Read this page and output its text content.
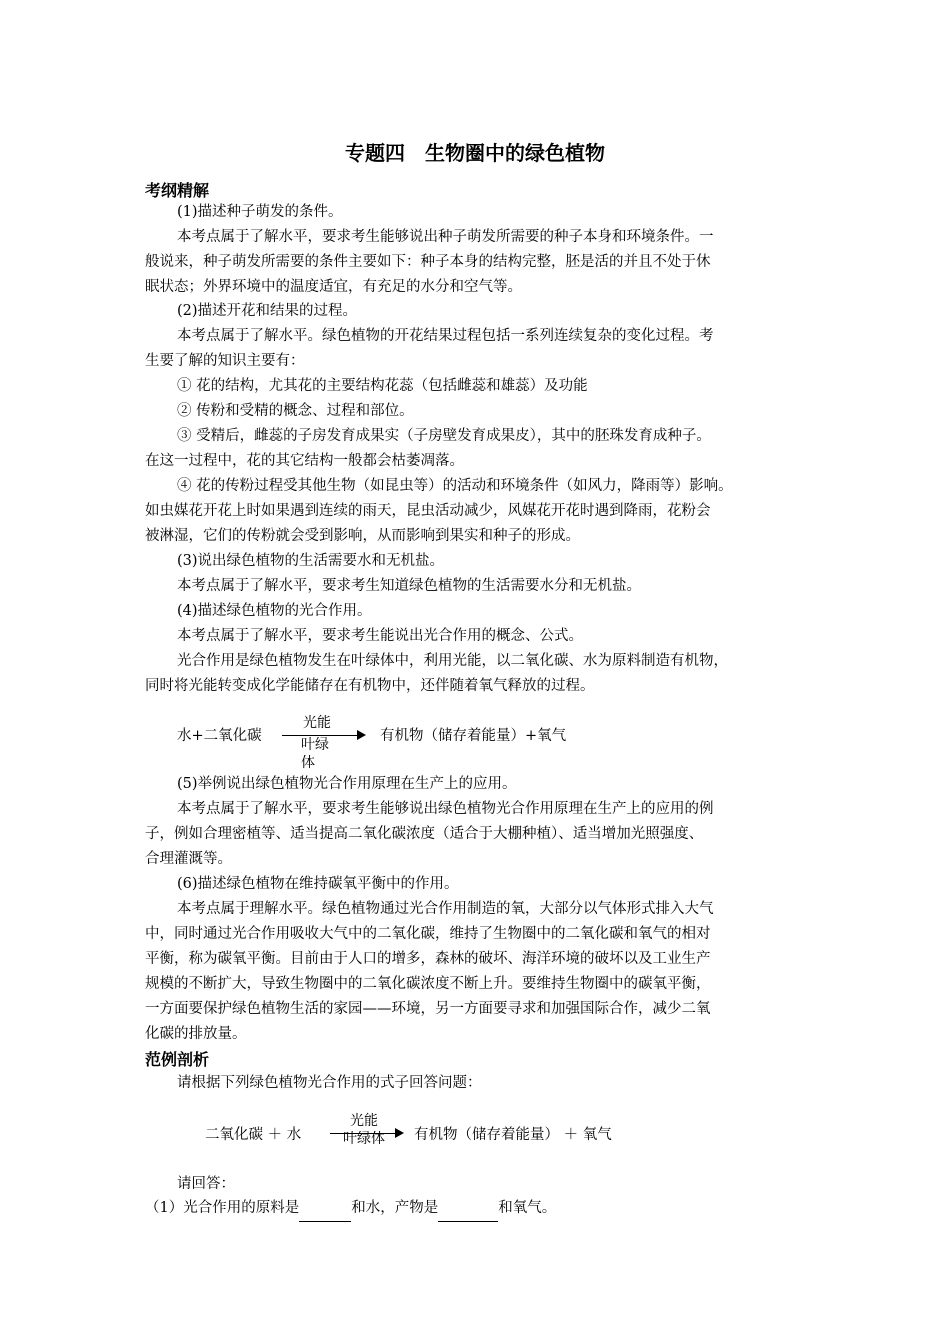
专题四　生物圈中的绿色植物
考纲精解
(1)描述种子萌发的条件。
本考点属于了解水平，要求考生能够说出种子萌发所需要的种子本身和环境条件。一
般说来，种子萌发所需要的条件主要如下：种子本身的结构完整，胚是活的并且不处于休
眠状态；外界环境中的温度适宜，有充足的水分和空气等。
(2)描述开花和结果的过程。
本考点属于了解水平。绿色植物的开花结果过程包括一系列连续复杂的变化过程。考
生要了解的知识主要有：
① 花的结构，尤其花的主要结构花蕊（包括雌蕊和雄蕊）及功能
② 传粉和受精的概念、过程和部位。
③ 受精后，雌蕊的子房发育成果实（子房壁发育成果皮），其中的胚珠发育成种子。
在这一过程中，花的其它结构一般都会枯萎凋落。
④ 花的传粉过程受其他生物（如昆虫等）的活动和环境条件（如风力，降雨等）影响。
如虫媒花开花上时如果遇到连续的雨天，昆虫活动减少，风媒花开花时遇到降雨，花粉会
被淋湿，它们的传粉就会受到影响，从而影响到果实和种子的形成。
(3)说出绿色植物的生活需要水和无机盐。
本考点属于了解水平，要求考生知道绿色植物的生活需要水分和无机盐。
(4)描述绿色植物的光合作用。
本考点属于了解水平，要求考生能说出光合作用的概念、公式。
光合作用是绿色植物发生在叶绿体中，利用光能，以二氧化碳、水为原料制造有机物，
同时将光能转变成化学能储存在有机物中，还伴随着氧气释放的过程。
水+二氧化碳
光能
叶绿
体
有机物（储存着能量）+氧气
(5)举例说出绿色植物光合作用原理在生产上的应用。
本考点属于了解水平，要求考生能够说出绿色植物光合作用原理在生产上的应用的例
子，例如合理密植等、适当提高二氧化碳浓度（适合于大棚种植）、适当增加光照强度、
合理灌溉等。
(6)描述绿色植物在维持碳氧平衡中的作用。
本考点属于理解水平。绿色植物通过光合作用制造的氧，大部分以气体形式排入大气
中，同时通过光合作用吸收大气中的二氧化碳，维持了生物圈中的二氧化碳和氧气的相对
平衡，称为碳氧平衡。目前由于人口的增多，森林的破坏、海洋环境的破坏以及工业生产
规模的不断扩大，导致生物圈中的二氧化碳浓度不断上升。要维持生物圈中的碳氧平衡，
一方面要保护绿色植物生活的家园——环境，另一方面要寻求和加强国际合作，减少二氧
化碳的排放量。
范例剖析
请根据下列绿色植物光合作用的式子回答问题：
二氧化碳 ＋ 水
光能
叶绿体 有机物（储存着能量） ＋ 氧气
请回答：
（1）光合作用的原料是	和水，产物是	和氧气。
